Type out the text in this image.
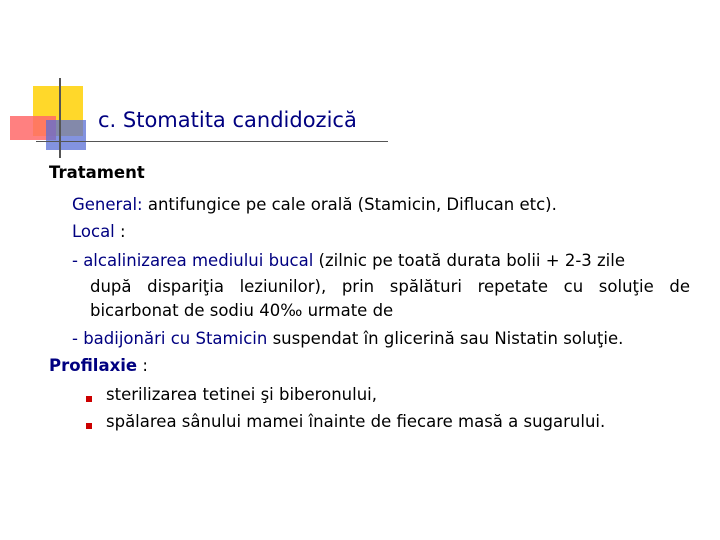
c. Stomatita candidozică
Tratament
General: antifungice pe cale orală (Stamicin, Diflucan etc).
Local :
- alcalinizarea mediului bucal (zilnic pe toată durata bolii + 2-3 zile
după dispariţia leziunilor), prin spălături repetate cu soluţie de
bicarbonat de sodiu 40‰ urmate de
- badijonări cu Stamicin suspendat în glicerină sau Nistatin soluţie.
Profilaxie :
sterilizarea tetinei şi biberonului,
spălarea sânului mamei înainte de fiecare masă a sugarului.
